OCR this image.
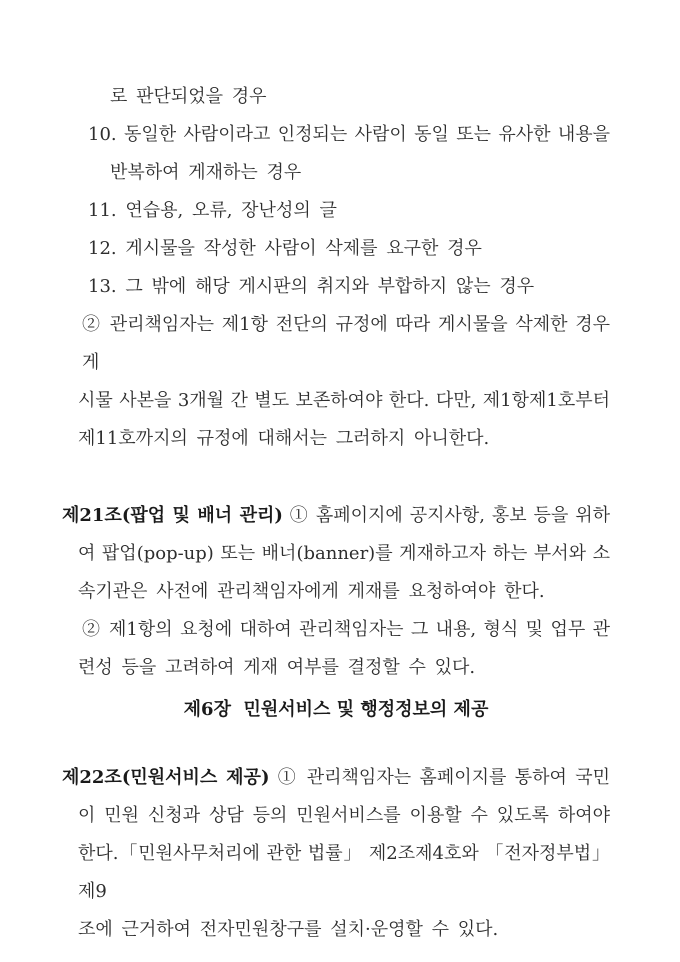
로 판단되었을 경우
10. 동일한 사람이라고 인정되는 사람이 동일 또는 유사한 내용을
반복하여 게재하는 경우
11. 연습용, 오류, 장난성의 글
12. 게시물을 작성한 사람이 삭제를 요구한 경우
13. 그 밖에 해당 게시판의 취지와 부합하지 않는 경우
② 관리책임자는 제1항 전단의 규정에 따라 게시물을 삭제한 경우 게
시물 사본을 3개월 간 별도 보존하여야 한다. 다만, 제1항제1호부터
제11호까지의 규정에 대해서는 그러하지 아니한다.
제21조(팝업 및 배너 관리) ① 홈페이지에 공지사항, 홍보 등을 위하
여 팝업(pop-up) 또는 배너(banner)를 게재하고자 하는 부서와 소
속기관은 사전에 관리책임자에게 게재를 요청하여야 한다.
② 제1항의 요청에 대하여 관리책임자는 그 내용, 형식 및 업무 관
련성 등을 고려하여 게재 여부를 결정할 수 있다.
제6장  민원서비스 및 행정정보의 제공
제22조(민원서비스 제공) ① 관리책임자는 홈페이지를 통하여 국민
이 민원 신청과 상담 등의 민원서비스를 이용할 수 있도록 하여야
한다.「민원사무처리에 관한 법률」 제2조제4호와 「전자정부법」제9
조에 근거하여 전자민원창구를 설치·운영할 수 있다.
